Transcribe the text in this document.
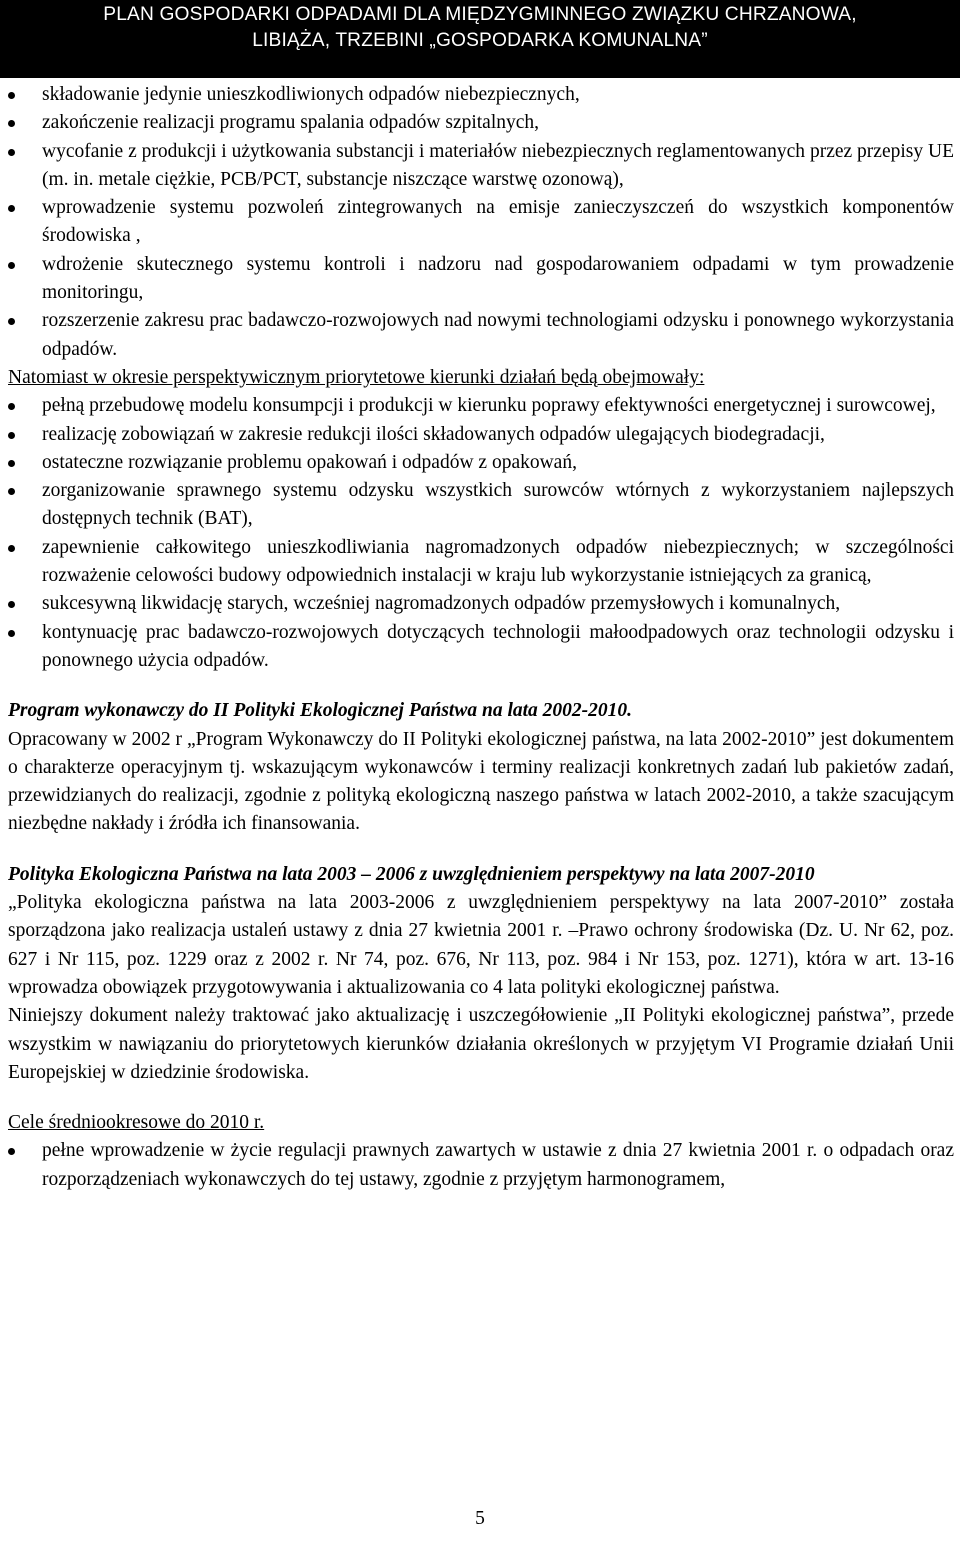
PLAN GOSPODARKI ODPADAMI DLA MIĘDZYGMINNEGO ZWIĄZKU CHRZANOWA,
LIBIĄŻA, TRZEBINI „GOSPODARKA KOMUNALNA”
składowanie jedynie unieszkodliwionych odpadów niebezpiecznych,
zakończenie realizacji programu spalania odpadów szpitalnych,
wycofanie z produkcji i użytkowania substancji i materiałów niebezpiecznych reglamentowanych przez przepisy UE (m. in. metale ciężkie, PCB/PCT, substancje niszczące warstwę ozonową),
wprowadzenie systemu pozwoleń zintegrowanych na emisje zanieczyszczeń do wszystkich komponentów środowiska ,
wdrożenie skutecznego systemu kontroli i nadzoru nad gospodarowaniem odpadami w tym prowadzenie monitoringu,
rozszerzenie zakresu prac badawczo-rozwojowych nad nowymi technologiami odzysku i ponownego wykorzystania odpadów.
Natomiast w okresie perspektywicznym priorytetowe kierunki działań będą obejmowały:
pełną przebudowę modelu konsumpcji i produkcji w kierunku poprawy efektywności energetycznej i surowcowej,
realizację zobowiązań w zakresie redukcji ilości składowanych odpadów ulegających biodegradacji,
ostateczne rozwiązanie problemu opakowań i odpadów z opakowań,
zorganizowanie sprawnego systemu odzysku wszystkich surowców wtórnych z wykorzystaniem najlepszych dostępnych technik (BAT),
zapewnienie całkowitego unieszkodliwiania nagromadzonych odpadów niebezpiecznych; w szczególności rozważenie celowości budowy odpowiednich instalacji w kraju lub wykorzystanie istniejących za granicą,
sukcesywną likwidację starych, wcześniej nagromadzonych odpadów przemysłowych i komunalnych,
kontynuację prac badawczo-rozwojowych dotyczących technologii małoodpadowych oraz technologii odzysku i ponownego użycia odpadów.
Program wykonawczy do II Polityki Ekologicznej Państwa na lata 2002-2010.

Opracowany w 2002 r „Program Wykonawczy do II Polityki ekologicznej państwa, na lata 2002-2010” jest dokumentem o charakterze operacyjnym tj. wskazującym wykonawców i terminy realizacji konkretnych zadań lub pakietów zadań, przewidzianych do realizacji, zgodnie z polityką ekologiczną naszego państwa w latach 2002-2010, a także szacującym niezbędne nakłady i źródła ich finansowania.

Polityka Ekologiczna Państwa na lata 2003 – 2006 z uwzględnieniem perspektywy na lata 2007-2010

„Polityka ekologiczna państwa na lata 2003-2006 z uwzględnieniem perspektywy na lata 2007-2010” została sporządzona jako realizacja ustaleń ustawy z dnia 27 kwietnia 2001 r. –Prawo ochrony środowiska (Dz. U. Nr 62, poz. 627 i Nr 115, poz. 1229 oraz z 2002 r. Nr 74, poz. 676, Nr 113, poz. 984 i Nr 153, poz. 1271), która w art. 13-16 wprowadza obowiązek przygotowywania i aktualizowania co 4 lata polityki ekologicznej państwa.

Niniejszy dokument należy traktować jako aktualizację i uszczegółowienie „II Polityki ekologicznej państwa”, przede wszystkim w nawiązaniu do priorytetowych kierunków działania określonych w przyjętym VI Programie działań Unii Europejskiej w dziedzinie środowiska.

Cele średniookresowe do 2010 r.
pełne wprowadzenie w życie regulacji prawnych zawartych w ustawie z dnia 27 kwietnia 2001 r. o odpadach oraz rozporządzeniach wykonawczych do tej ustawy, zgodnie z przyjętym harmonogramem,
5
